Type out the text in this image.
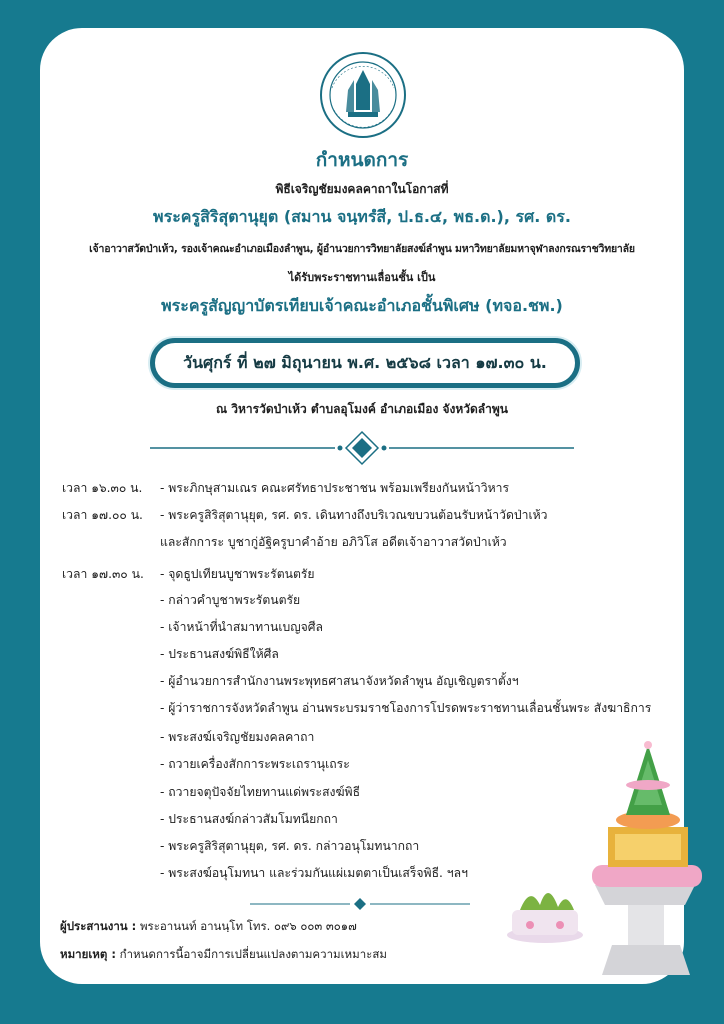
กำหนดการ
พิธีเจริญชัยมงคลคาถาในโอกาสที่
พระครูสิริสุตานุยุต (สมาน จนฺทรํสี, ป.ธ.๔, พธ.ด.), รศ. ดร.
เจ้าอาวาสวัดป่าเห้ว, รองเจ้าคณะอำเภอเมืองลำพูน, ผู้อำนวยการวิทยาลัยสงฆ์ลำพูน มหาวิทยาลัยมหาจุฬาลงกรณราชวิทยาลัย
ได้รับพระราชทานเลื่อนชั้น เป็น
พระครูสัญญาบัตรเทียบเจ้าคณะอำเภอชั้นพิเศษ (ทจอ.ชพ.)
วันศุกร์ ที่ ๒๗ มิถุนายน พ.ศ. ๒๕๖๘ เวลา ๑๗.๓๐ น.
ณ วิหารวัดป่าเห้ว ตำบลอุโมงค์ อำเภอเมือง จังหวัดลำพูน
เวลา ๑๖.๓๐ น.	- พระภิกษุสามเณร คณะศรัทธาประชาชน พร้อมเพรียงกันหน้าวิหาร
เวลา ๑๗.๐๐ น.	- พระครูสิริสุตานุยุต, รศ. ดร. เดินทางถึงบริเวณขบวนต้อนรับหน้าวัดป่าเห้ว
และสักการะ บูชากู่อัฐิครูบาคำอ้าย อภิวิโส อดีตเจ้าอาวาสวัดป่าเห้ว
เวลา ๑๗.๓๐ น.	- จุดธูปเทียนบูชาพระรัตนตรัย
- กล่าวคำบูชาพระรัตนตรัย
- เจ้าหน้าที่นำสมาทานเบญจศีล
- ประธานสงฆ์พิธีให้ศีล
- ผู้อำนวยการสำนักงานพระพุทธศาสนาจังหวัดลำพูน อัญเชิญตราตั้งฯ
- ผู้ว่าราชการจังหวัดลำพูน อ่านพระบรมราชโองการโปรดพระราชทานเลื่อนชั้นพระ สังฆาธิการ
- พระสงฆ์เจริญชัยมงคลคาถา
- ถวายเครื่องสักการะพระเถรานุเถระ
- ถวายจตุปัจจัยไทยทานแด่พระสงฆ์พิธี
- ประธานสงฆ์กล่าวสัมโมทนียกถา
- พระครูสิริสุตานุยุต, รศ. ดร. กล่าวอนุโมทนากถา
- พระสงฆ์อนุโมทนา และร่วมกันแผ่เมตตาเป็นเสร็จพิธี. ฯลฯ
ผู้ประสานงาน : พระอานนท์ อานนฺโท โทร. ๐๙๖ ๐๐๓ ๓๐๑๗
หมายเหตุ : กำหนดการนี้อาจมีการเปลี่ยนแปลงตามความเหมาะสม
